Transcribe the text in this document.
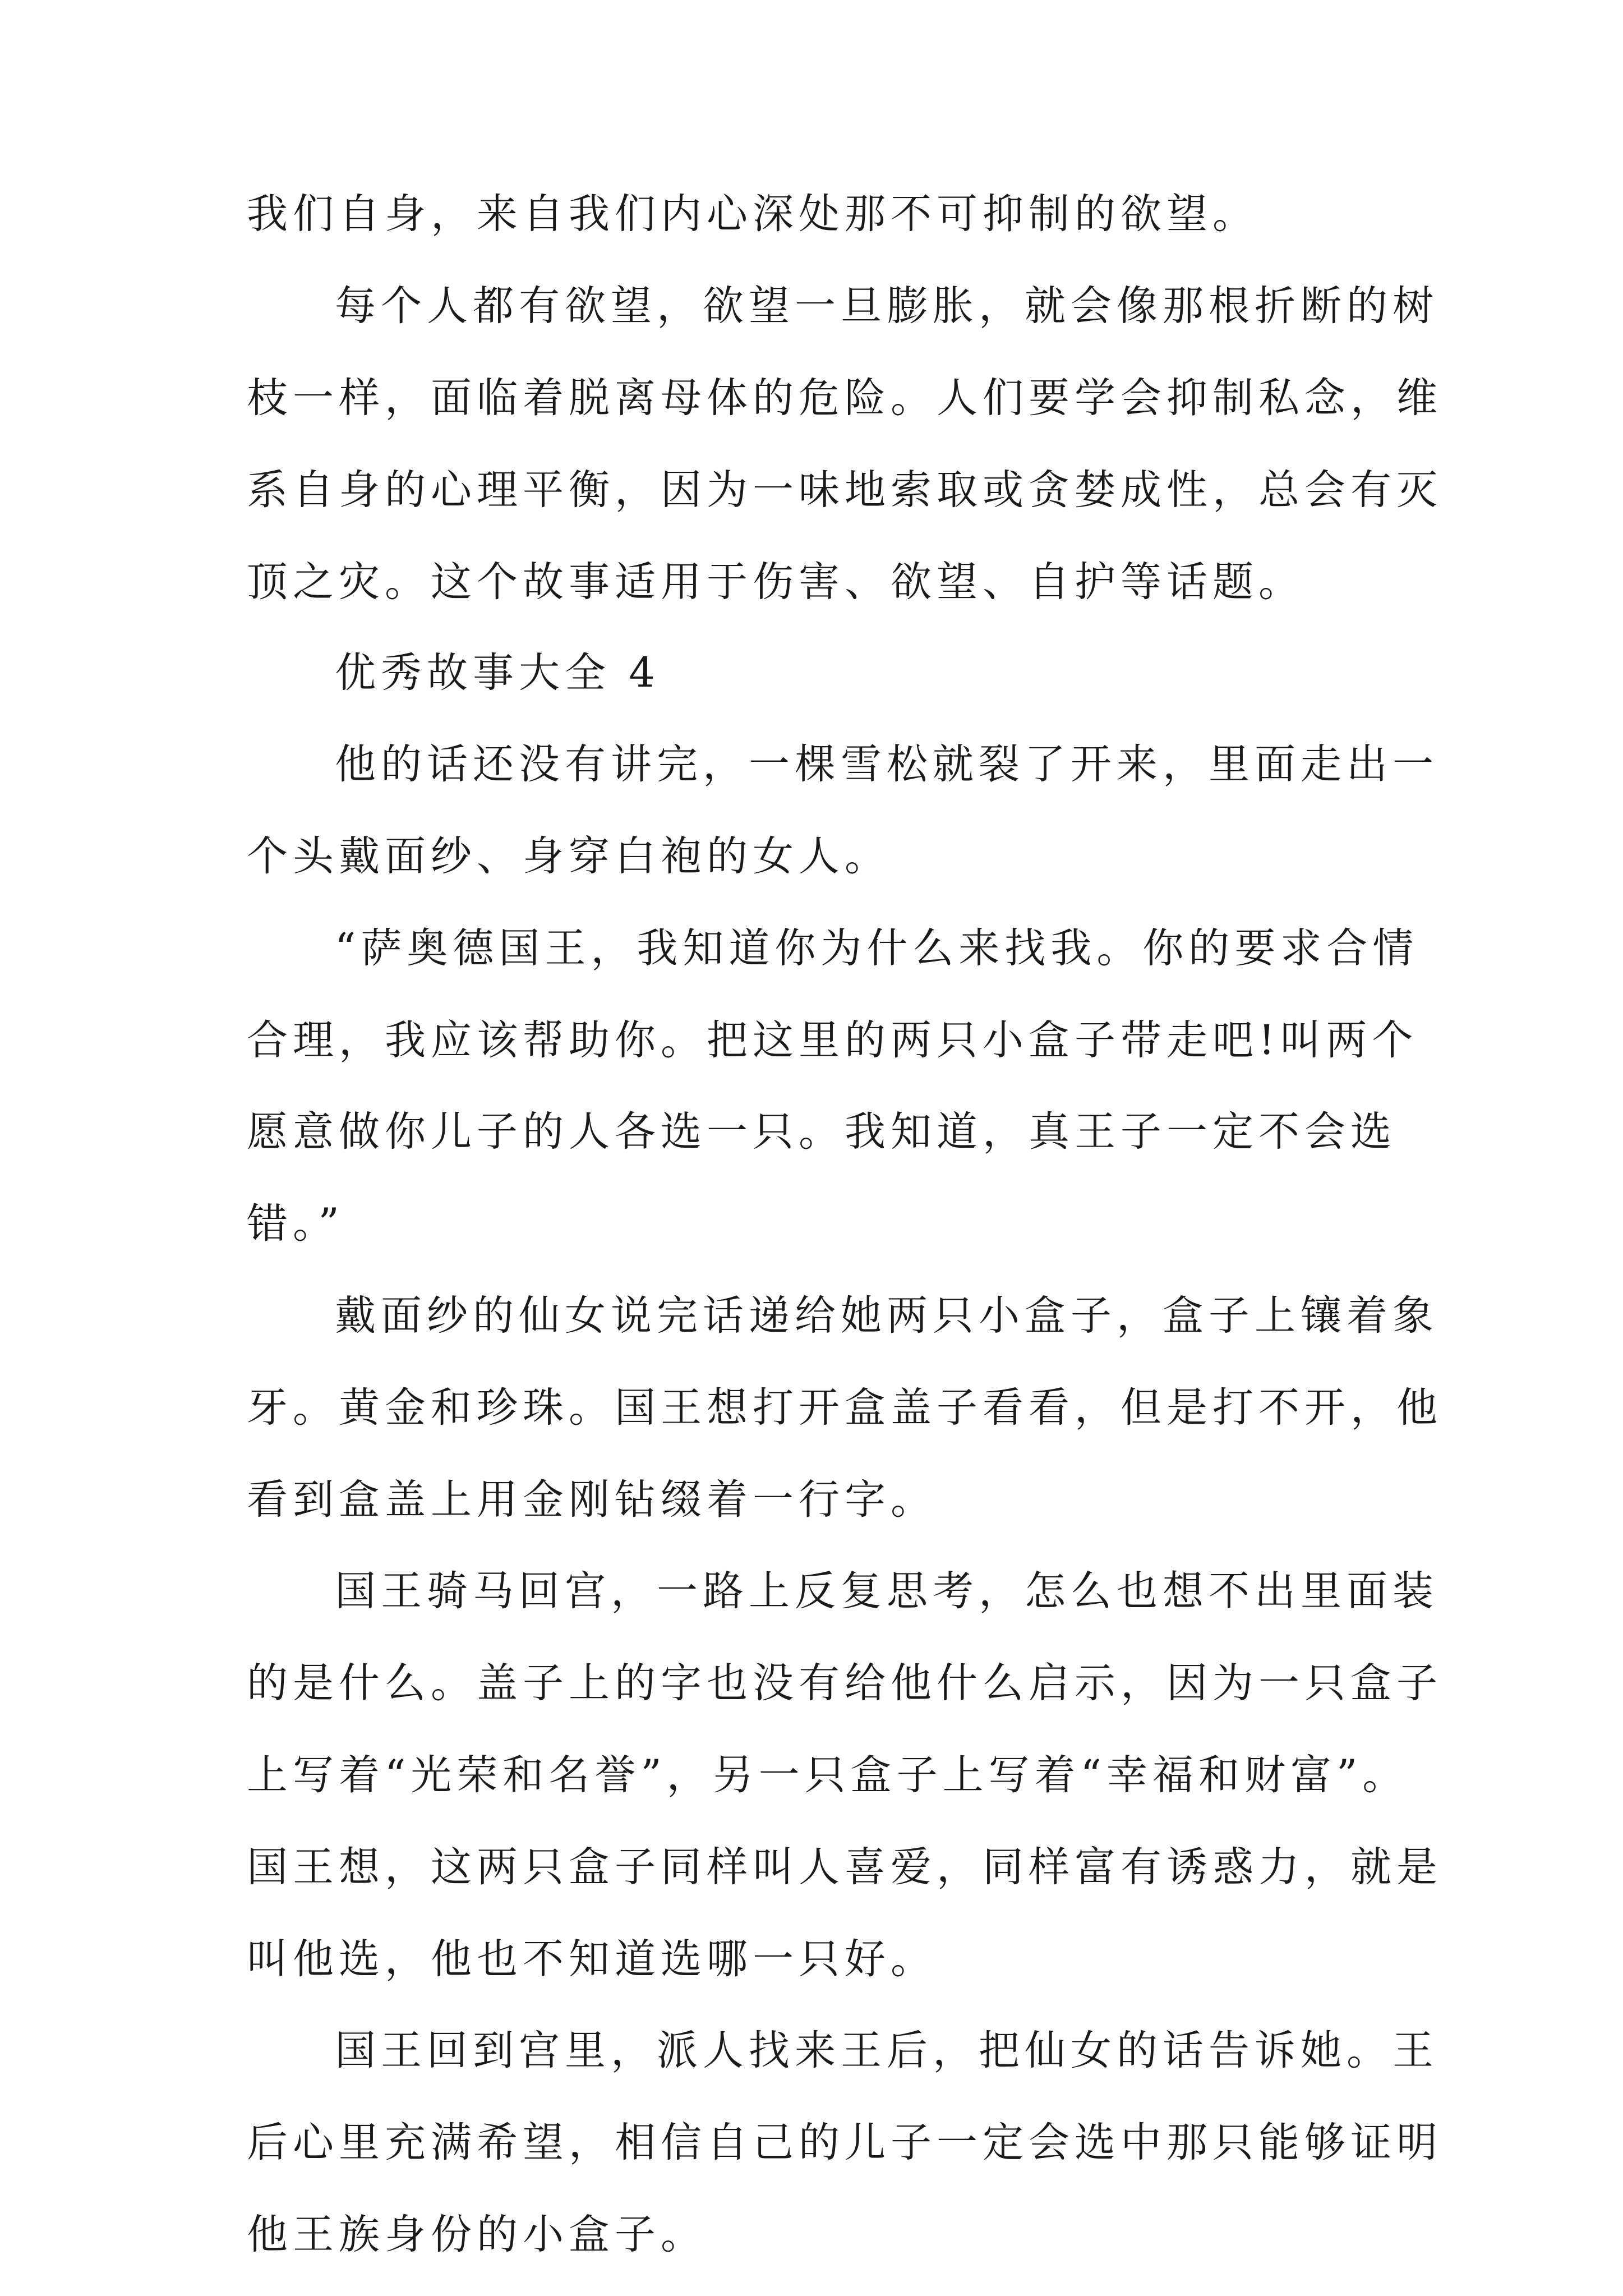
我们自身，来自我们内心深处那不可抑制的欲望。
每个人都有欲望，欲望一旦膨胀，就会像那根折断的树
枝一样，面临着脱离母体的危险。人们要学会抑制私念，维
系自身的心理平衡，因为一味地索取或贪婪成性，总会有灭
顶之灾。这个故事适用于伤害、欲望、自护等话题。
优秀故事大全 4
他的话还没有讲完，一棵雪松就裂了开来，里面走出一
个头戴面纱、身穿白袍的女人。
“萨奥德国王，我知道你为什么来找我。你的要求合情
合理，我应该帮助你。把这里的两只小盒子带走吧!叫两个
愿意做你儿子的人各选一只。我知道，真王子一定不会选
错。”
戴面纱的仙女说完话递给她两只小盒子，盒子上镶着象
牙。黄金和珍珠。国王想打开盒盖子看看，但是打不开，他
看到盒盖上用金刚钻缀着一行字。
国王骑马回宫，一路上反复思考，怎么也想不出里面装
的是什么。盖子上的字也没有给他什么启示，因为一只盒子
上写着“光荣和名誉”，另一只盒子上写着“幸福和财富”。
国王想，这两只盒子同样叫人喜爱，同样富有诱惑力，就是
叫他选，他也不知道选哪一只好。
国王回到宫里，派人找来王后，把仙女的话告诉她。王
后心里充满希望，相信自己的儿子一定会选中那只能够证明
他王族身份的小盒子。
